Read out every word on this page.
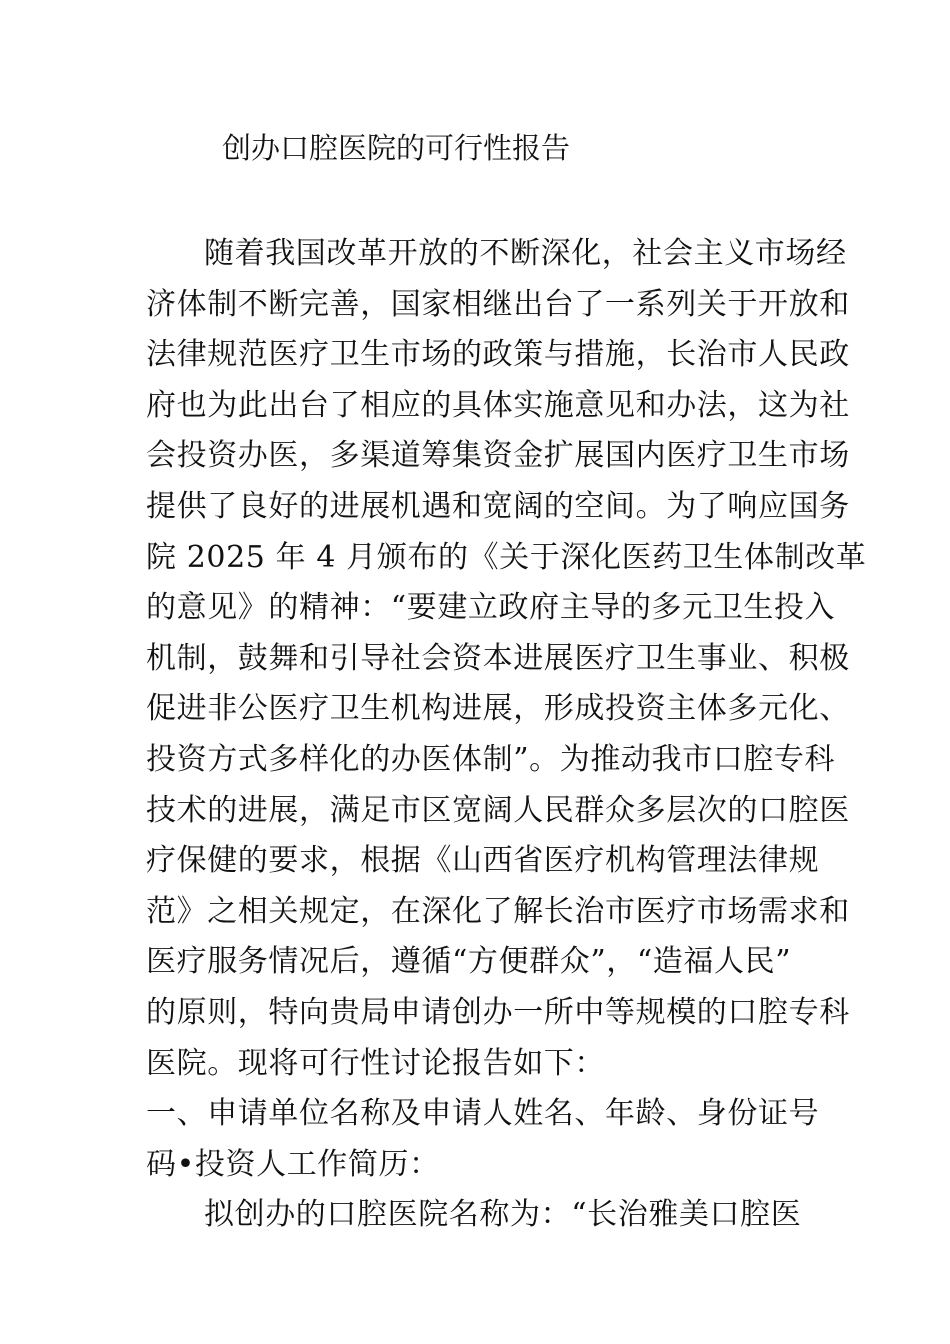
创办口腔医院的可行性报告
随着我国改革开放的不断深化，社会主义市场经
济体制不断完善，国家相继出台了一系列关于开放和
法律规范医疗卫生市场的政策与措施，长治市人民政
府也为此出台了相应的具体实施意见和办法，这为社
会投资办医，多渠道筹集资金扩展国内医疗卫生市场
提供了良好的进展机遇和宽阔的空间。为了响应国务
院 2025 年 4 月颁布的《关于深化医药卫生体制改革
的意见》的精神：“要建立政府主导的多元卫生投入
机制，鼓舞和引导社会资本进展医疗卫生事业、积极
促进非公医疗卫生机构进展，形成投资主体多元化、
投资方式多样化的办医体制”。为推动我市口腔专科
技术的进展，满足市区宽阔人民群众多层次的口腔医
疗保健的要求，根据《山西省医疗机构管理法律规
范》之相关规定，在深化了解长治市医疗市场需求和
医疗服务情况后，遵循“方便群众”，“造福人民”
的原则，特向贵局申请创办一所中等规模的口腔专科
医院。现将可行性讨论报告如下：
一、申请单位名称及申请人姓名、年龄、身份证号
码•投资人工作简历：
拟创办的口腔医院名称为：“长治雅美口腔医
